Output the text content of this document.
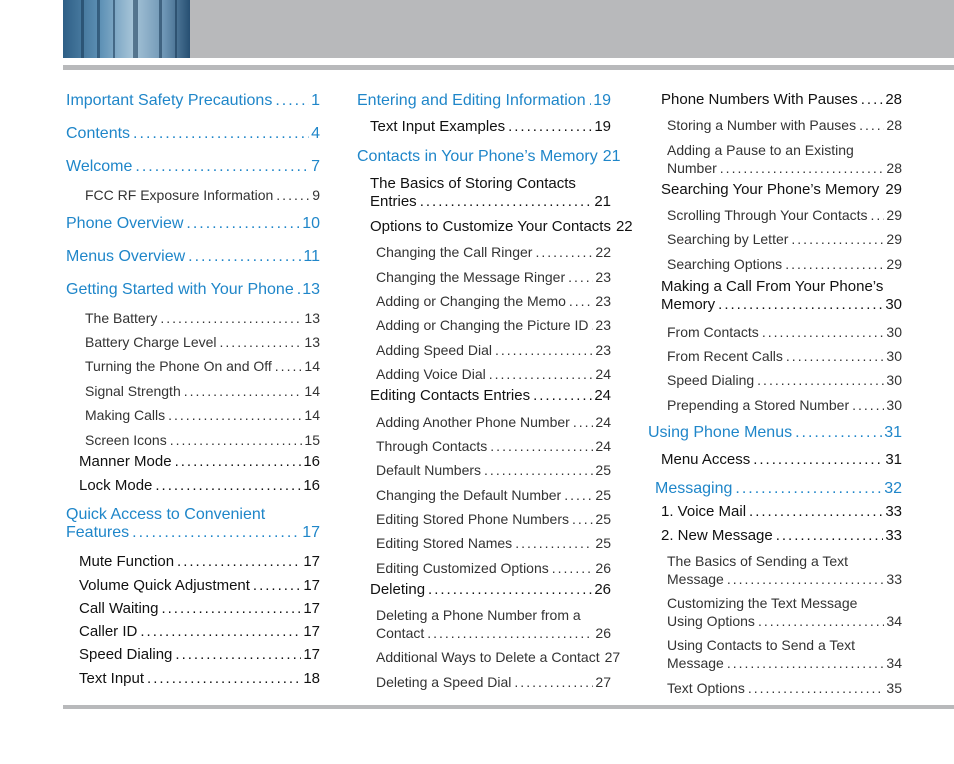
Important Safety Precautions ..... 1
Contents .....	4
Welcome .....	7
FCC RF Exposure Information .....	9
Phone Overview .....	10
Menus Overview .....	11
Getting Started with Your Phone ..... 13
The Battery .....	13
Battery Charge Level .....	13
Turning the Phone On and Off ..... 14
Signal Strength .....	14
Making Calls .....	14
Screen Icons .....	15
Manner Mode .....	16
Lock Mode .....	16
Quick Access to Convenient
Features .....	17
Mute Function .....	17
Volume Quick Adjustment .....	17
Call Waiting .....	17
Caller ID .....	17
Speed Dialing .....	17
Text Input .....	18
Entering and Editing Information ..... 19
Text Input Examples .....	19
Contacts in Your Phone’s Memory 21
The Basics of Storing Contacts
Entries .....	21
Options to Customize Your Contacts 22
Changing the Call Ringer .....	22
Changing the Message Ringer ..... 23
Adding or Changing the Memo ..... 23
Adding or Changing the Picture ID ..... 23
Adding Speed Dial .....	23
Adding Voice Dial .....	24
Editing Contacts Entries .....	24
Adding Another Phone Number ..... 24
Through Contacts .....	24
Default Numbers .....	25
Changing the Default Number ..... 25
Editing Stored Phone Numbers ..... 25
Editing Stored Names .....	25
Editing Customized Options .....	26
Deleting .....	26
Deleting a Phone Number from a
Contact .....	26
Additional Ways to Delete a Contact 27
Deleting a Speed Dial .....	27
Phone Numbers With Pauses ..... 28
Storing a Number with Pauses ..... 28
Adding a Pause to an Existing
Number .....	28
Searching Your Phone’s Memory ..... 29
Scrolling Through Your Contacts ..... 29
Searching by Letter .....	29
Searching Options .....	29
Making a Call From Your Phone’s
Memory .....	30
From Contacts .....	30
From Recent Calls .....	30
Speed Dialing .....	30
Prepending a Stored Number .....	30
Using Phone Menus .....	31
Menu Access .....	31
Messaging .....	32
1. Voice Mail .....	33
2. New Message .....	33
The Basics of Sending a Text
Message .....	33
Customizing the Text Message
Using Options .....	34
Using Contacts to Send a Text
Message .....	34
Text Options .....	35
